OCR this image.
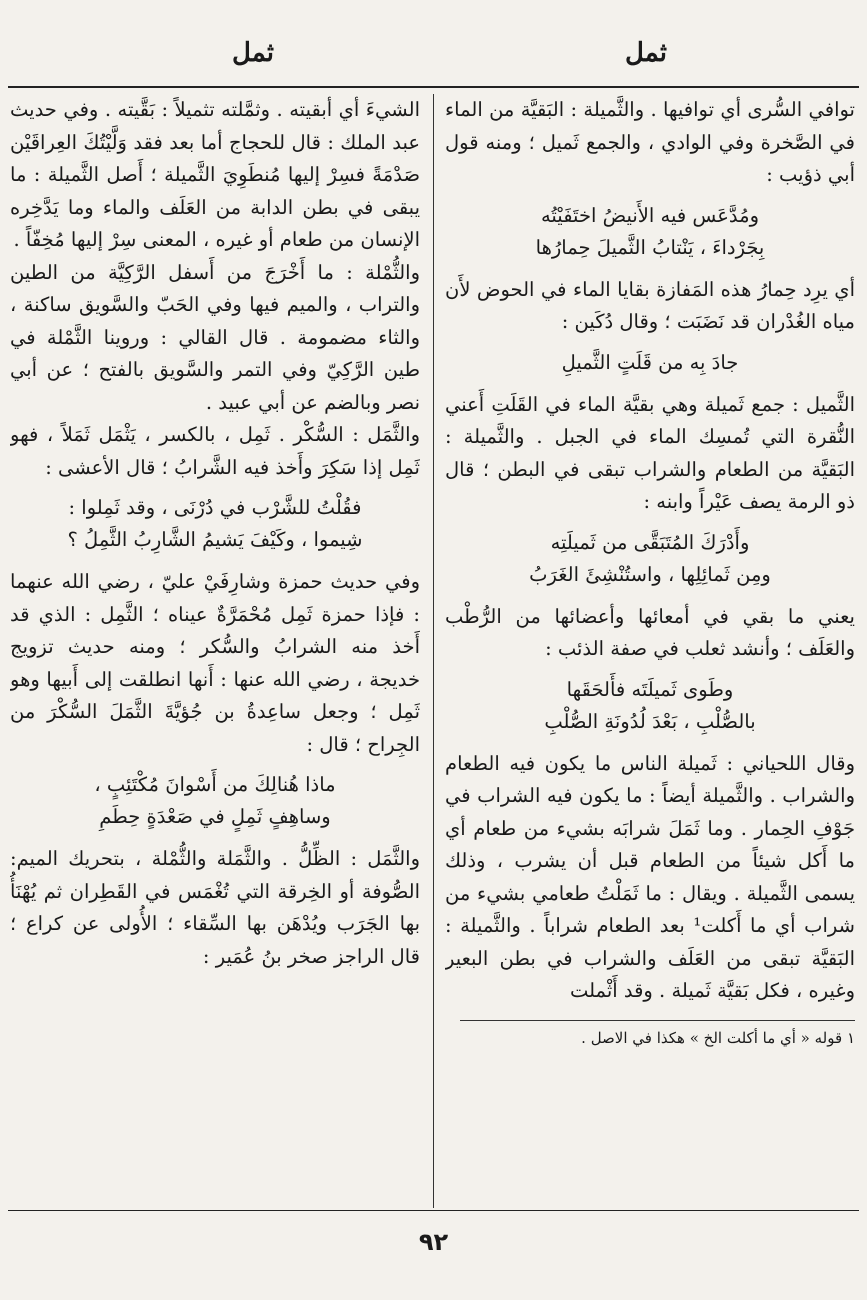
ثمل
ثمل

توافي السُّرى أي توافيها . والثَّميلة : البَقيَّة من الماء في الصَّخرة وفي الوادي ، والجمع ثَميل ؛ ومنه قول أبي ذؤيب :

ومُدَّعَس فيه الأَنيضُ اختَفَيْتُه
بِجَرْداءَ ، يَنْتابُ الثَّميلَ حِمارُها

أي يرِد حِمارُ هذه المَفازة بقايا الماء في الحوض لأَن مياه الغُدْران قد نَضَبَت ؛ وقال دُكَين :

جادَ بِه من قَلَتٍ الثَّميلِ

الثَّميل : جمع ثَميلة وهي بقيَّة الماء في القَلَتِ أَعني النُّقرة التي تُمسِك الماء في الجبل . والثَّميلة : البَقيَّة من الطعام والشراب تبقى في البطن ؛ قال ذو الرمة يصف عَيْراً وابنه :

وأَدْرَكَ المُتَبَقَّى من ثَميلَتِه
ومِن ثَمائِلِها ، واستُنْشِئَ الغَرَبُ

يعني ما بقي في أمعائها وأعضائها من الرُّطْب والعَلَف ؛ وأنشد ثعلب في صفة الذئب :

وطَوى ثَميلَتَه فأَلحَقَها
بالصُّلْبِ ، بَعْدَ لُدُونَةِ الصُّلْبِ

وقال اللحياني : ثَميلة الناس ما يكون فيه الطعام والشراب . والثَّميلة أيضاً : ما يكون فيه الشراب في جَوْفِ الحِمار . وما ثَمَلَ شرابَه بشيء من طعام أي ما أَكل شيئاً من الطعام قبل أن يشرب ، وذلك يسمى الثَّميلة . ويقال : ما ثَمَلْتُ طعامي بشيء من شراب أي ما أَكلت¹ بعد الطعام شراباً . والثَّميلة : البَقيَّة تبقى من العَلَف والشراب في بطن البعير وغيره ، فكل بَقيَّة ثَميلة . وقد أَثْملت

١ قوله « أي ما أكلت الخ » هكذا في الاصل .

الشيءَ أي أبقيته . وثمَّلته تثميلاً : بَقَّيته . وفي حديث عبد الملك : قال للحجاج أما بعد فقد وَلَّيْتُكَ العِراقَيْن صَدْمَةً فسِرْ إليها مُنطَوِيَ الثَّميلة ؛ أَصل الثَّميلة : ما يبقى في بطن الدابة من العَلَف والماء وما يَدَّخِره الإنسان من طعام أو غيره ، المعنى سِرْ إليها مُخِفّاً .

والثُّمْلة : ما أَخْرَجَ من أَسفل الرَّكِيَّة من الطين والتراب ، والميم فيها وفي الحَبّ والسَّويق ساكنة ، والثاء مضمومة . قال القالي : وروينا الثَّمْلة في طين الرَّكِيّ وفي التمر والسَّويق بالفتح ؛ عن أبي نصر وبالضم عن أبي عبيد .

والثَّمَل : السُّكْر . ثَمِل ، بالكسر ، يَثْمَل ثَمَلاً ، فهو ثَمِل إذا سَكِرَ وأَخذ فيه الشَّرابُ ؛ قال الأعشى :

فقُلْتُ للشَّرْب في دُرْنَى ، وقد ثَمِلوا :
شِيموا ، وكَيْفَ يَشيمُ الشَّارِبُ الثَّمِلُ ؟

وفي حديث حمزة وشارِفَيْ عليّ ، رضي الله عنهما : فإذا حمزة ثَمِل مُحْمَرَّةٌ عيناه ؛ الثَّمِل : الذي قد أَخذ منه الشرابُ والسُّكر ؛ ومنه حديث تزويج خديجة ، رضي الله عنها : أَنها انطلقت إلى أَبيها وهو ثَمِل ؛ وجعل ساعِدةُ بن جُؤيَّةَ الثَّمَلَ السُّكْرَ من الجِراح ؛ قال :

ماذا هُنالِكَ من أَسْوانَ مُكْتَئِبٍ ،
وساهِفٍ ثَمِلٍ في صَعْدَةٍ حِطَمِ

والثَّمَل : الظِّلُّ . والثَّمَلة والثُّمْلة ، بتحريك الميم: الصُّوفة أو الخِرقة التي تُغْمَس في القَطِران ثم يُهْنَأُ بها الجَرَب ويُدْهَن بها السِّقاء ؛ الأُولى عن كراع ؛ قال الراجز صخر بنُ عُمَير :

٩٢
